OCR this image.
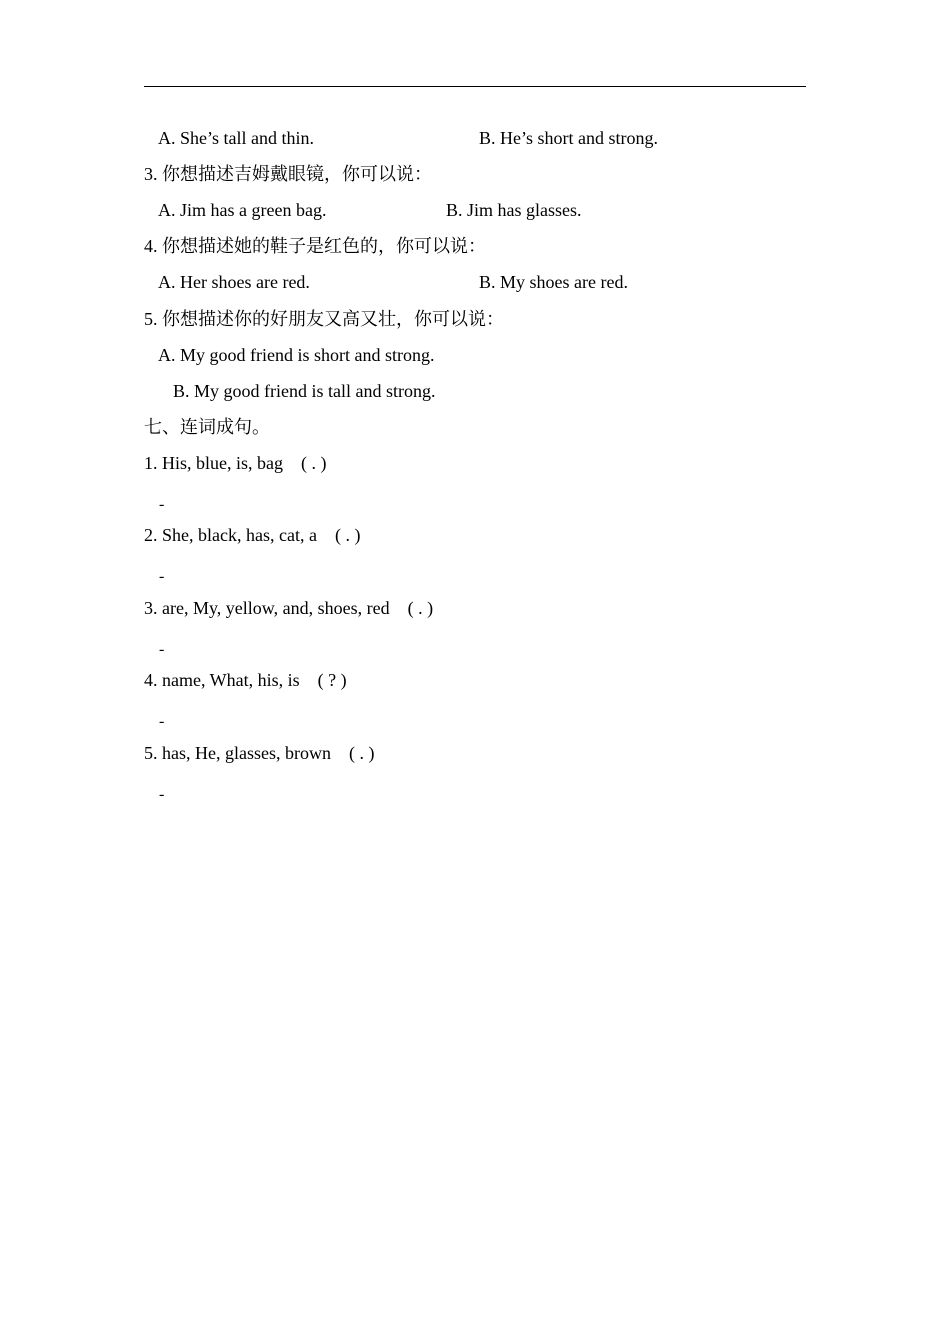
A. She’s tall and thin.	B. He’s short and strong.
3. 你想描述吉姆戴眼镜，你可以说：
A. Jim has a green bag.	B. Jim has glasses.
4. 你想描述她的鞋子是红色的，你可以说：
A. Her shoes are red.	B. My shoes are red.
5. 你想描述你的好朋友又高又壮，你可以说：
A. My good friend is short and strong.
B. My good friend is tall and strong.
七、连词成句。
1. His, blue, is, bag ( . )
-
2. She, black, has, cat, a ( . )
-
3. are, My, yellow, and, shoes, red ( . )
-
4. name, What, his, is ( ? )
-
5. has, He, glasses, brown ( . )
-
